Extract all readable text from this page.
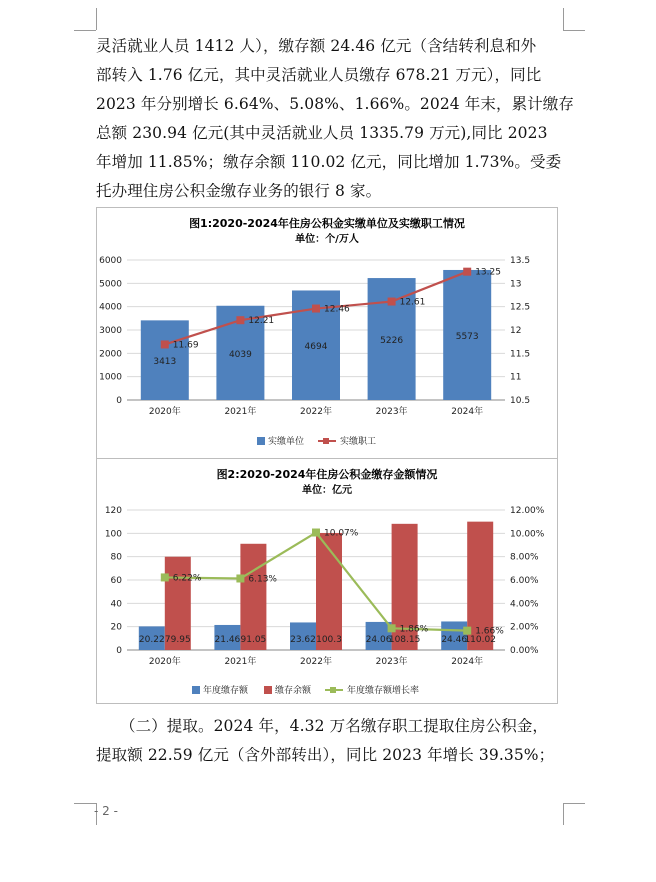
灵活就业人员 1412 人），缴存额 24.46 亿元（含结转利息和外
部转入 1.76 亿元，其中灵活就业人员缴存 678.21 万元），同比
2023 年分别增长 6.64%、5.08%、1.66%。2024 年末，累计缴存
总额 230.94 亿元(其中灵活就业人员 1335.79 万元),同比 2023
年增加 11.85%；缴存余额 110.02 亿元，同比增加 1.73%。受委
托办理住房公积金缴存业务的银行 8 家。
图1:2020-2024年住房公积金实缴单位及实缴职工情况
单位：个/万人
0
1000
2000
3000
4000
5000
6000
10.5
11
11.5
12
12.5
13
13.5
2020年	2021年	2022年	2023年	2024年
3413
4039
4694
5226	5573
11.69
12.21
12.46
12.61
13.25
实缴单位	实缴职工
图2:2020-2024年住房公积金缴存金额情况
单位：亿元
0
20
40
60
80
100
120
0.00%
2.00%
4.00%
6.00%
8.00%
10.00%
12.00%
2020年	2021年	2022年	2023年	2024年
20.22	21.46	23.62	24.06	24.46
79.95	91.05	100.3	108.15	110.02
6.22%	6.13%
10.07%
1.86%	1.66%
年度缴存额	缴存余额	年度缴存额增长率
（二）提取。2024 年，4.32 万名缴存职工提取住房公积金，
提取额 22.59 亿元（含外部转出），同比 2023 年增长 39.35%；
- 2 -
